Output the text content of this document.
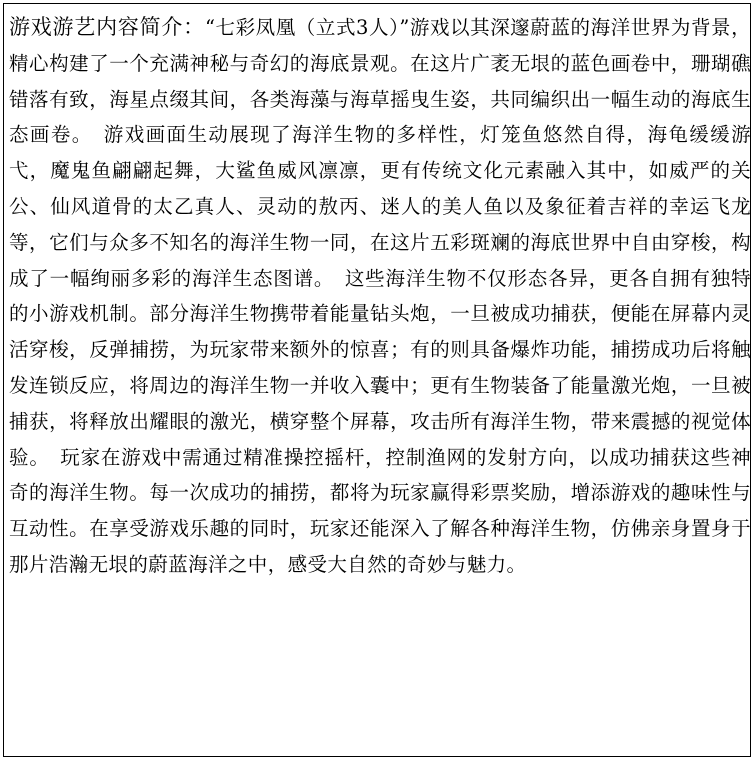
游戏游艺内容简介：“七彩凤凰（立式3人）”游戏以其深邃蔚蓝的海洋世界为背景，精心构建了一个充满神秘与奇幻的海底景观。在这片广袤无垠的蓝色画卷中，珊瑚礁错落有致，海星点缀其间，各类海藻与海草摇曳生姿，共同编织出一幅生动的海底生态画卷。　游戏画面生动展现了海洋生物的多样性，灯笼鱼悠然自得，海龟缓缓游弋，魔鬼鱼翩翩起舞，大鲨鱼威风凛凛，更有传统文化元素融入其中，如威严的关公、仙风道骨的太乙真人、灵动的敖丙、迷人的美人鱼以及象征着吉祥的幸运飞龙等，它们与众多不知名的海洋生物一同，在这片五彩斑斓的海底世界中自由穿梭，构成了一幅绚丽多彩的海洋生态图谱。　这些海洋生物不仅形态各异，更各自拥有独特的小游戏机制。部分海洋生物携带着能量钻头炮，一旦被成功捕获，便能在屏幕内灵活穿梭，反弹捕捞，为玩家带来额外的惊喜；有的则具备爆炸功能，捕捞成功后将触发连锁反应，将周边的海洋生物一并收入囊中；更有生物装备了能量激光炮，一旦被捕获，将释放出耀眼的激光，横穿整个屏幕，攻击所有海洋生物，带来震撼的视觉体验。　玩家在游戏中需通过精准操控摇杆，控制渔网的发射方向，以成功捕获这些神奇的海洋生物。每一次成功的捕捞，都将为玩家赢得彩票奖励，增添游戏的趣味性与互动性。在享受游戏乐趣的同时，玩家还能深入了解各种海洋生物，仿佛亲身置身于那片浩瀚无垠的蔚蓝海洋之中，感受大自然的奇妙与魅力。
